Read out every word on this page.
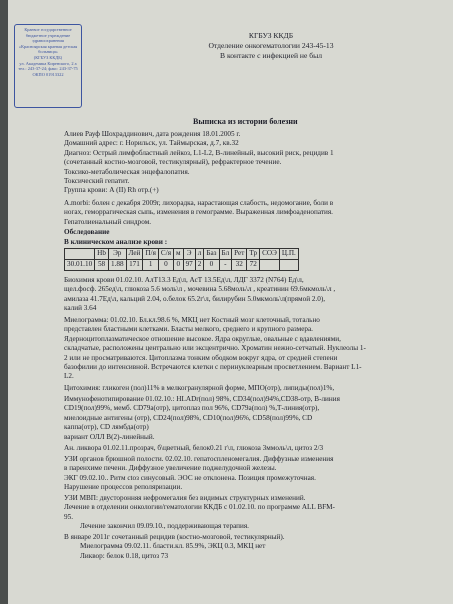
Краевое государственное
бюджетное учреждение
здравоохранения
«Красноярская краевая детская
больница»
(КГБУЗ ККДБ)
ул. Академика Киренского, 2 а
тел.: 243-37-24; факс: 243-37-75
ОКПО 01913322
КГБУЗ ККДБ
Отделение онкогематологии 243-45-13
В контакте с инфекцией не был
Выписка из истории болезни
Алиев Рауф Шохраддинович, дата рождения 18.01.2005 г.
Домашний адрес: г. Норильск, ул. Таймырская, д.7, кв.32
Диагноз: Острый лимфобластный лейкоз, L1-L2, В-линейный, высокий риск, рецидив 1
(сочетанный костно-мозговой, тестикулярный), рефрактерное течение.
Токсико-метаболическая энцефалопатия.
Токсический гепатит.
Группа крови: А (II) Rh отр.(+)
A.morbi: болен с декабря 2009г, лихорадка, нарастающая слабость, недомогание, боли в
ногах, геморрагическая сыпь, изменения в гемограмме. Выраженная лимфоаденопатия.
Гепатолиенальный синдром.
Обследование
В клиническом анализе крови :
	Hb	Эр	Лей	П/я	С/я	м	Э	л	Баз	Бл	Рет	Тр	СОЭ	Ц.П.
30.01.10	58	1.88	171	1	0	0	97	2	0	-	32	72		
Биохимия крови 01.02.10. АлТ13.3 Ед\л, АсТ 13.5Ед\л, ЛДГ 3372 (N764) Ед\л,
щел.фосф. 265ед\л, глюкоза 5.6 моль\л , мочевина 5.68моль\л , креатинин 69.6мкмоль\л ,
амилаза 41.7Ед\л, кальций 2.04, о.белок 65.2г\л, билирубин 5.0мкмоль\л(прямой 2.0),
калий 3.64
Миелограмма: 01.02.10. Бл.кл.98.6 %, МКЦ нет Костный мозг клеточный, тотально
представлен бластными клетками. Бласты мелкого, среднего и крупного размера.
Ядерноцитоплазматическое отношение высокое. Ядра округлые, овальные с вдавлениями,
складчатые, расположены центрально или эксцентрично. Хроматин нежно-сетчатый. Нуклеолы 1-
2 или не просматриваются. Цитоплазма тонким ободком вокруг ядра, от средней степени
базофилии до интенсивной. Встречаются клетки с перинуклеарным просветлением. Вариант L1-
L2.
Цитохимия: гликоген (пол)11% в мелкогранулярной форме, МПО(отр), липиды(пол)1%,
Иммунофенотипирование 01.02.10.: HLADr(пол) 98%, CD34(пол)94%,CD38-отр, В-линия
CD19(пол)99%, мемб. CD79a(отр), цитоплаз пол 96%, CD79a(пол) %,Т-линия(отр),
миелоидные антигены (отр), CD24(пол)98%, CD10(пол)96%, CD58(пол)99%, CD
каппа(отр), CD лямбда(отр)
вариант ОЛЛ В(2)-линейный.
Ан. ликвора 01.02.11.прозрач, б\цветный, белок0.21 г\л, глюкоза 3ммоль\л, цитоз 2/3
УЗИ органов брюшной полости. 02.02.10. гепатоспленомегалия. Диффузные изменения
в паренхиме печени. Диффузное увеличение поджелудочной железы.
ЭКГ 09.02.10.. Ритм сtoз синусовый. ЭОС не отклонена. Позиция промежуточная.
Нарушение процессов реполяризации.
УЗИ МВП: двусторонняя нефромегалия без видимых структурных изменений.
Лечение в отделении онкологии/гематологии ККДБ с 01.02.10. по программе ALL BFM-
95.
Лечение закончил 09.09.10., поддерживающая терапия.
В январе 2011г сочетанный рецидив (костно-мозговой, тестикулярный).
Миелограмма 09.02.11. бласти.кл. 85.9%, ЭКЦ 0.3, МКЦ нет
Ликвор: белок 0.18, цитоз 73
